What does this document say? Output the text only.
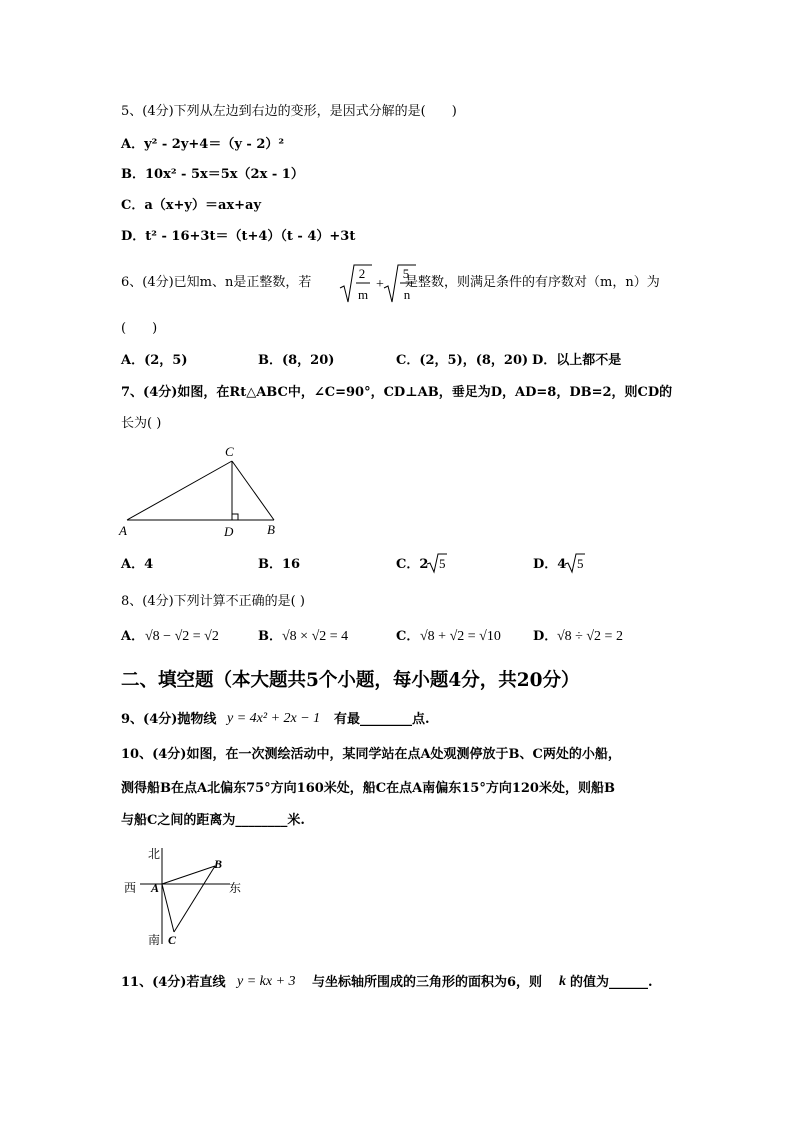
5、(4分)下列从左边到右边的变形，是因式分解的是(　　)
A．y² - 2y+4＝（y - 2）²
B．10x² - 5x＝5x（2x - 1）
C．a（x+y）＝ax+ay
D．t² - 16+3t＝（t+4）（t - 4）+3t
6、(4分)已知m、n是正整数，若
2
m
+
5
n
是整数，则满足条件的有序数对（m，n）为
(　　)
A．(2，5)	B．(8，20)	C．(2，5)，(8，20) D．以上都不是
7、(4分)如图，在Rt△ABC中，∠C=90°，CD⊥AB，垂足为D，AD=8，DB=2，则CD的
长为( )
C
A	D	B
A．4	B．16	C．2 5	D．4 5
8、(4分)下列计算不正确的是( )
A． √8 − √2 = √2	B． √8 × √2 = 4	C． √8 + √2 = √10 D． √8 ÷ √2 = 2
二、填空题（本大题共5个小题，每小题4分，共20分）
9、(4分)抛物线 y = 4x² + 2x − 1 有最________点.
10、(4分)如图，在一次测绘活动中，某同学站在点A处观测停放于B、C两处的小船，
测得船B在点A北偏东75°方向160米处，船C在点A南偏东15°方向120米处，则船B
与船C之间的距离为________米.
北
西	东
南
A
B
C
11、(4分)若直线 y = kx + 3 与坐标轴所围成的三角形的面积为6，则 k 的值为______.
